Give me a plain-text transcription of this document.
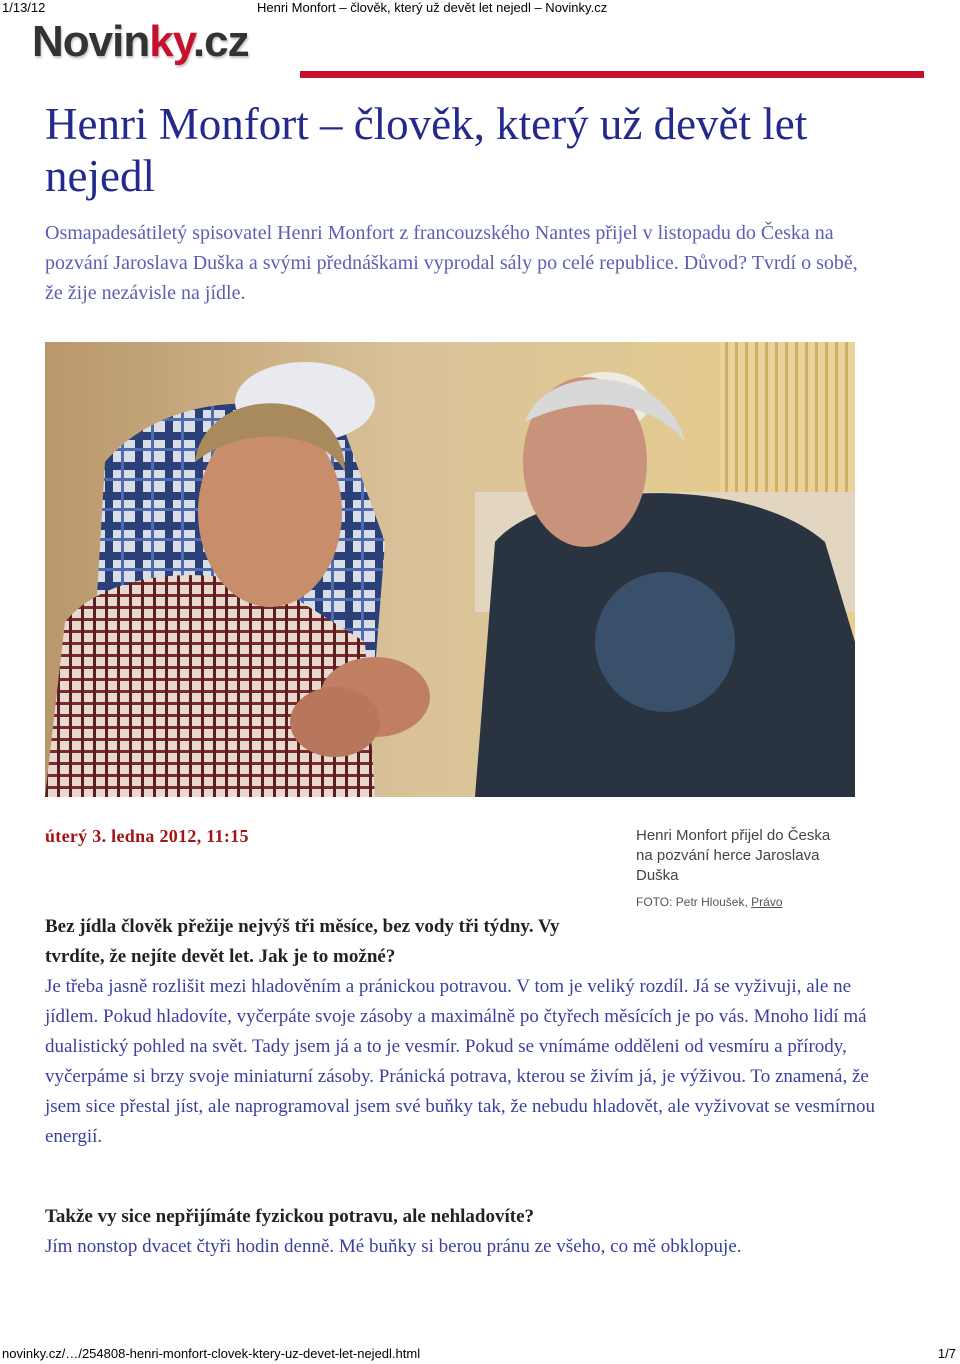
1/13/12	Henri Monfort – člověk, který už devět let nejedl – Novinky.cz
Novinky.cz
Henri Monfort – člověk, který už devět let nejedl

Osmapadesátiletý spisovatel Henri Monfort z francouzského Nantes přijel v listopadu do Česka na pozvání Jaroslava Duška a svými přednáškami vyprodal sály po celé republice. Důvod? Tvrdí o sobě, že žije nezávisle na jídle.

úterý 3. ledna 2012, 11:15	Henri Monfort přijel do Česka na pozvání herce Jaroslava Duška
FOTO: Petr Hloušek, Právo

Bez jídla člověk přežije nejvýš tři měsíce, bez vody tři týdny. Vy tvrdíte, že nejíte devět let. Jak je to možné?

Je třeba jasně rozlišit mezi hladověním a pránickou potravou. V tom je veliký rozdíl. Já se vyživuji, ale ne jídlem. Pokud hladovíte, vyčerpáte svoje zásoby a maximálně po čtyřech měsících je po vás. Mnoho lidí má dualistický pohled na svět. Tady jsem já a to je vesmír. Pokud se vnímáme odděleni od vesmíru a přírody, vyčerpáme si brzy svoje miniaturní zásoby. Pránická potrava, kterou se živím já, je výživou. To znamená, že jsem sice přestal jíst, ale naprogramoval jsem své buňky tak, že nebudu hladovět, ale vyživovat se vesmírnou energií.

Takže vy sice nepřijímáte fyzickou potravu, ale nehladovíte?

Jím nonstop dvacet čtyři hodin denně. Mé buňky si berou pránu ze všeho, co mě obklopuje.

novinky.cz/…/254808-henri-monfort-clovek-ktery-uz-devet-let-nejedl.html	1/7
